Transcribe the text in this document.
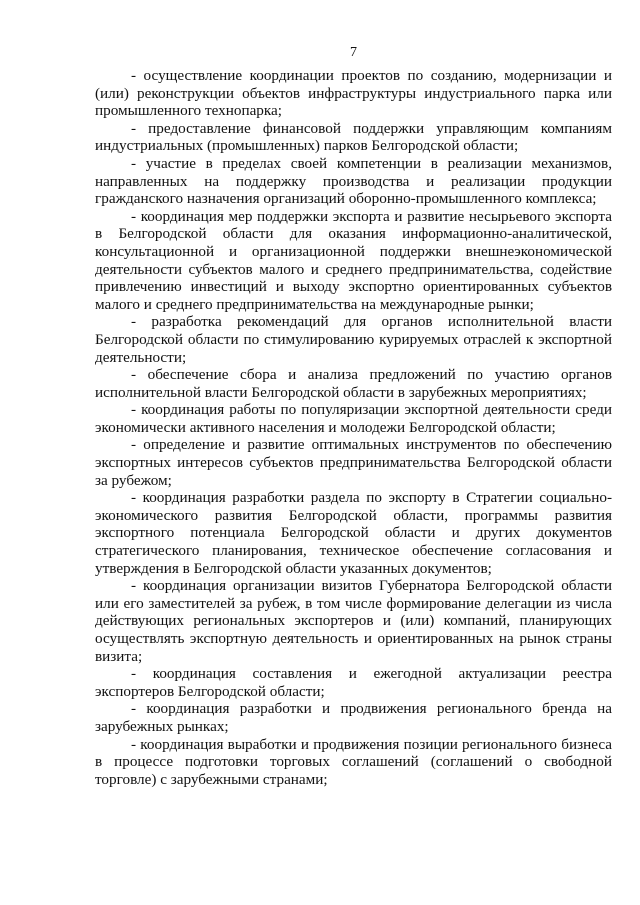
7

- осуществление координации проектов по созданию, модернизации и (или) реконструкции объектов инфраструктуры индустриального парка или промышленного технопарка;

- предоставление финансовой поддержки управляющим компаниям индустриальных (промышленных) парков Белгородской области;

- участие в пределах своей компетенции в реализации механизмов, направленных на поддержку производства и реализации продукции гражданского назначения организаций оборонно-промышленного комплекса;

- координация мер поддержки экспорта и развитие несырьевого экспорта в Белгородской области для оказания информационно-аналитической, консультационной и организационной поддержки внешнеэкономической деятельности субъектов малого и среднего предпринимательства, содействие привлечению инвестиций и выходу экспортно ориентированных субъектов малого и среднего предпринимательства на международные рынки;

- разработка рекомендаций для органов исполнительной власти Белгородской области по стимулированию курируемых отраслей к экспортной деятельности;

- обеспечение сбора и анализа предложений по участию органов исполнительной власти Белгородской области в зарубежных мероприятиях;

- координация работы по популяризации экспортной деятельности среди экономически активного населения и молодежи Белгородской области;

- определение и развитие оптимальных инструментов по обеспечению экспортных интересов субъектов предпринимательства Белгородской области за рубежом;

- координация разработки раздела по экспорту в Стратегии социально-экономического развития Белгородской области, программы развития экспортного потенциала Белгородской области и других документов стратегического планирования, техническое обеспечение согласования и утверждения в Белгородской области указанных документов;

- координация организации визитов Губернатора Белгородской области или его заместителей за рубеж, в том числе формирование делегации из числа действующих региональных экспортеров и (или) компаний, планирующих осуществлять экспортную деятельность и ориентированных на рынок страны визита;

- координация составления и ежегодной актуализации реестра экспортеров Белгородской области;

- координация разработки и продвижения регионального бренда на зарубежных рынках;

- координация выработки и продвижения позиции регионального бизнеса в процессе подготовки торговых соглашений (соглашений о свободной торговле) с зарубежными странами;
